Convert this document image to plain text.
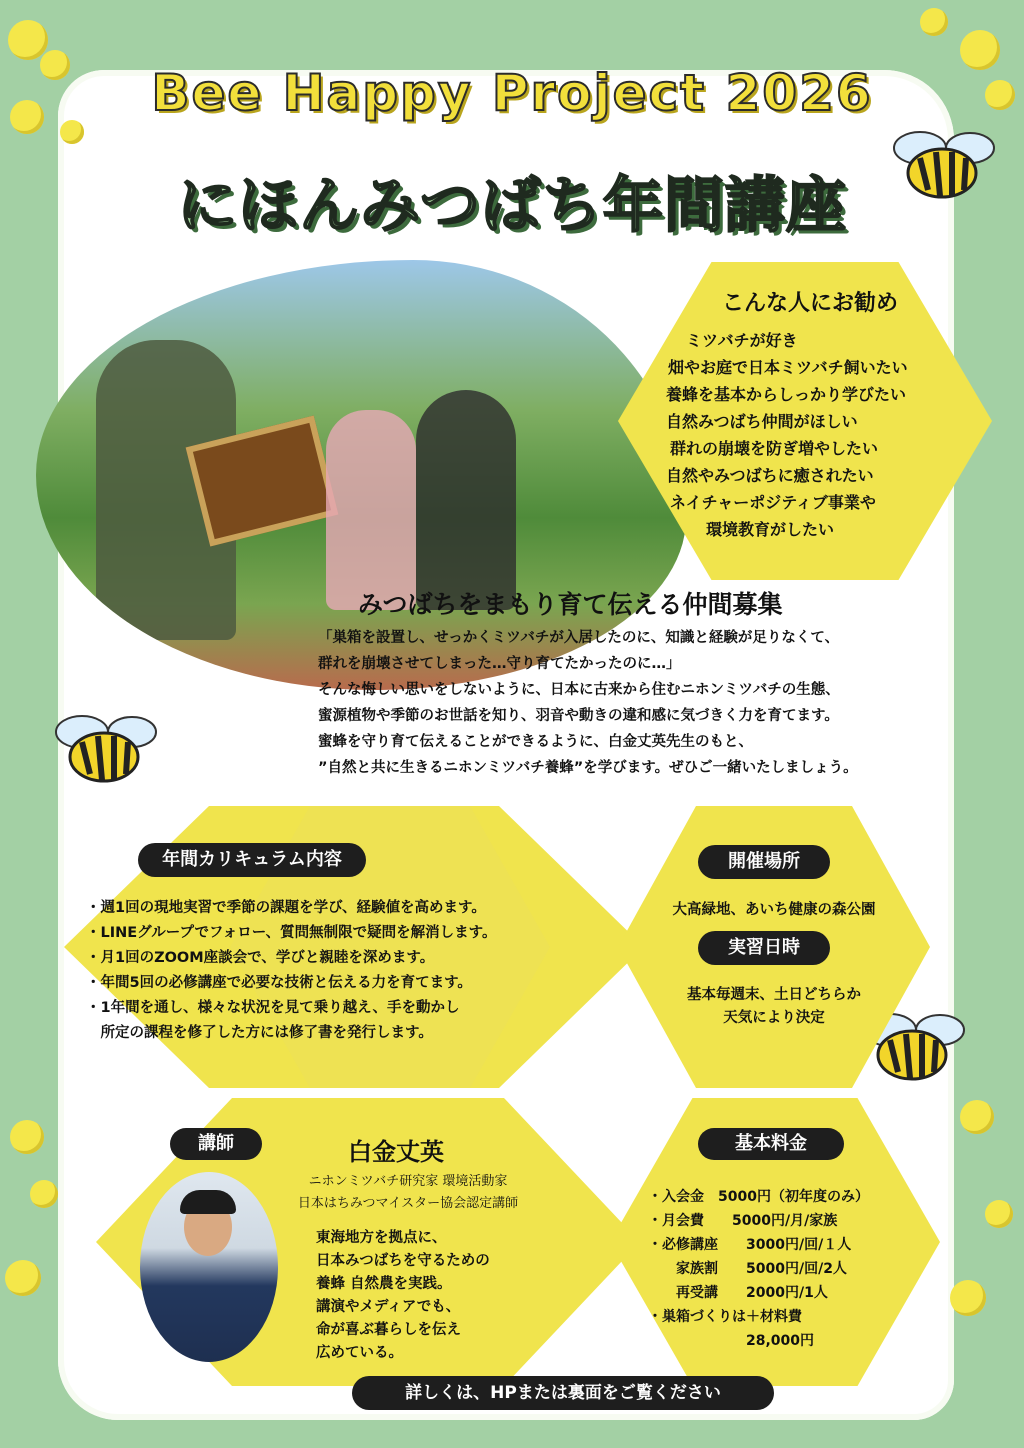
Bee Happy Project 2026
にほんみつばち年間講座
こんな人にお勧め
ミツバチが好き
畑やお庭で日本ミツバチ飼いたい
養蜂を基本からしっかり学びたい
自然みつばち仲間がほしい
群れの崩壊を防ぎ増やしたい
自然やみつばちに癒されたい
ネイチャーポジティブ事業や
環境教育がしたい
みつばちをまもり育て伝える仲間募集
「巣箱を設置し、せっかくミツバチが入居したのに、知識と経験が足りなくて、
群れを崩壊させてしまった…守り育てたかったのに…」
そんな悔しい思いをしないように、日本に古来から住むニホンミツバチの生態、
蜜源植物や季節のお世話を知り、羽音や動きの違和感に気づきく力を育てます。
蜜蜂を守り育て伝えることができるように、白金丈英先生のもと、
”自然と共に生きるニホンミツバチ養蜂”を学びます。ぜひご一緒いたしましょう。
年間カリキュラム内容
・週1回の現地実習で季節の課題を学び、経験値を高めます。
・LINEグループでフォロー、質問無制限で疑問を解消します。
・月1回のZOOM座談会で、学びと親睦を深めます。
・年間5回の必修講座で必要な技術と伝える力を育てます。
・1年間を通し、様々な状況を見て乗り越え、手を動かし
　所定の課程を修了した方には修了書を発行します。
開催場所
大高緑地、あいち健康の森公園
実習日時
基本毎週末、土日どちらか
天気により決定
講師	白金丈英
ニホンミツバチ研究家 環境活動家
日本はちみつマイスター協会認定講師
東海地方を拠点に、
日本みつばちを守るための
養蜂 自然農を実践。
講演やメディアでも、
命が喜ぶ暮らしを伝え
広めている。
基本料金
・入会金　5000円（初年度のみ）
・月会費　　5000円/月/家族
・必修講座　　3000円/回/１人
　　家族割　　5000円/回/2人
　　再受講　　2000円/1人
・巣箱づくりは＋材料費
　　　　　　　28,000円
詳しくは、HPまたは裏面をご覧ください
